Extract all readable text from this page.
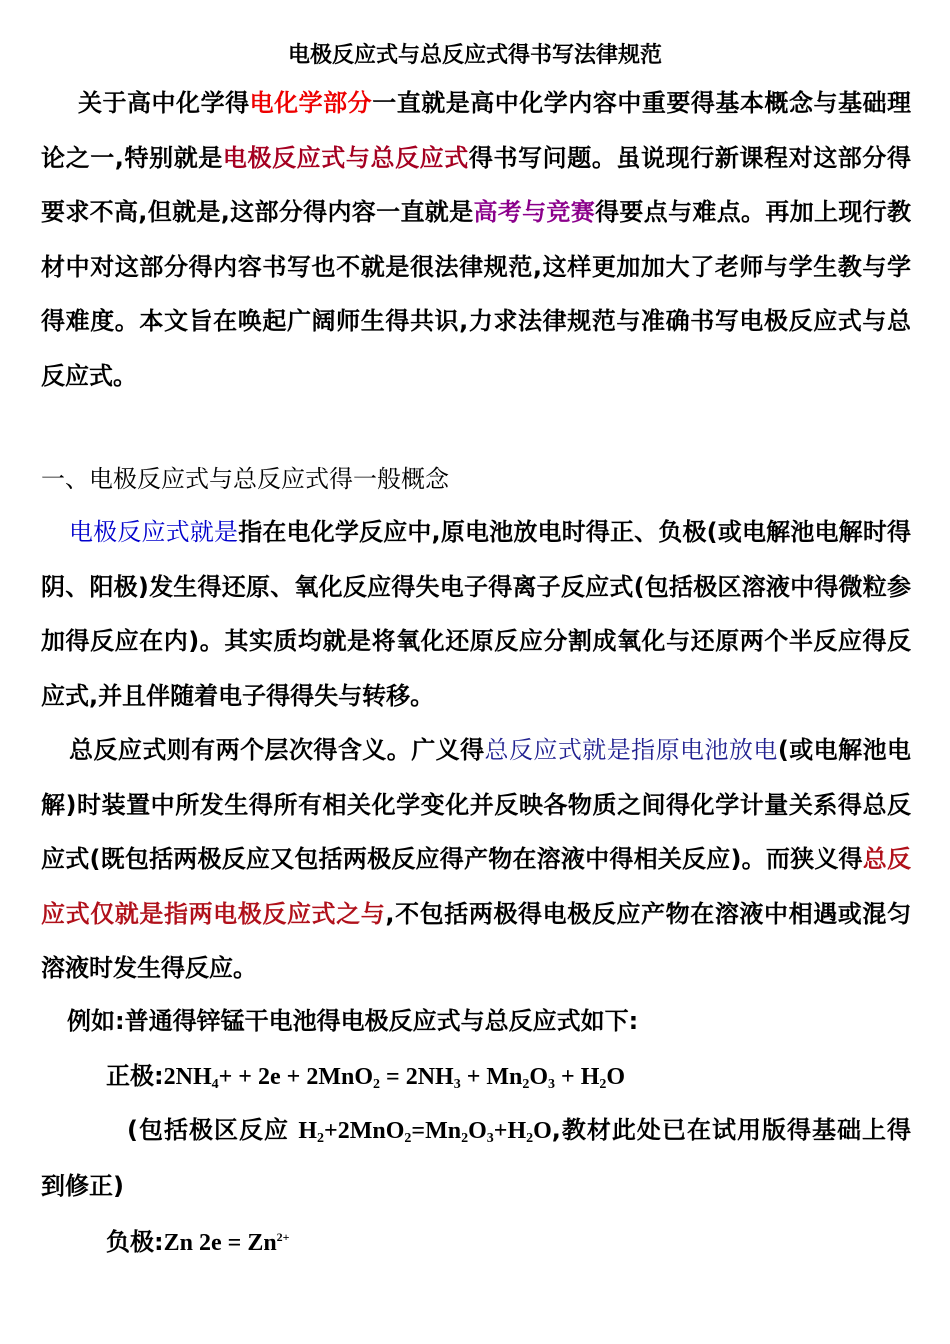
电极反应式与总反应式得书写法律规范
关于高中化学得电化学部分一直就是高中化学内容中重要得基本概念与基础理论之一,特别就是电极反应式与总反应式得书写问题。虽说现行新课程对这部分得要求不高,但就是,这部分得内容一直就是高考与竞赛得要点与难点。再加上现行教材中对这部分得内容书写也不就是很法律规范,这样更加加大了老师与学生教与学得难度。本文旨在唤起广阔师生得共识,力求法律规范与准确书写电极反应式与总反应式。
一、电极反应式与总反应式得一般概念
电极反应式就是指在电化学反应中,原电池放电时得正、负极(或电解池电解时得阴、阳极)发生得还原、氧化反应得失电子得离子反应式(包括极区溶液中得微粒参加得反应在内)。其实质均就是将氧化还原反应分割成氧化与还原两个半反应得反应式,并且伴随着电子得得失与转移。
总反应式则有两个层次得含义。广义得总反应式就是指原电池放电(或电解池电解)时装置中所发生得所有相关化学变化并反映各物质之间得化学计量关系得总反应式(既包括两极反应又包括两极反应得产物在溶液中得相关反应)。而狭义得总反应式仅就是指两电极反应式之与,不包括两极得电极反应产物在溶液中相遇或混匀溶液时发生得反应。
例如:普通得锌锰干电池得电极反应式与总反应式如下:
正极$:2NH_4+ + 2e + 2MnO_2 = 2NH_3 + Mn_2O_3 + H_2O$
(包括极区反应 $H_2+2MnO_2=Mn_2O_3+H_2O$,教材此处已在试用版得基础上得到修正)
负极:Zn $2e = Zn^{2+}$
